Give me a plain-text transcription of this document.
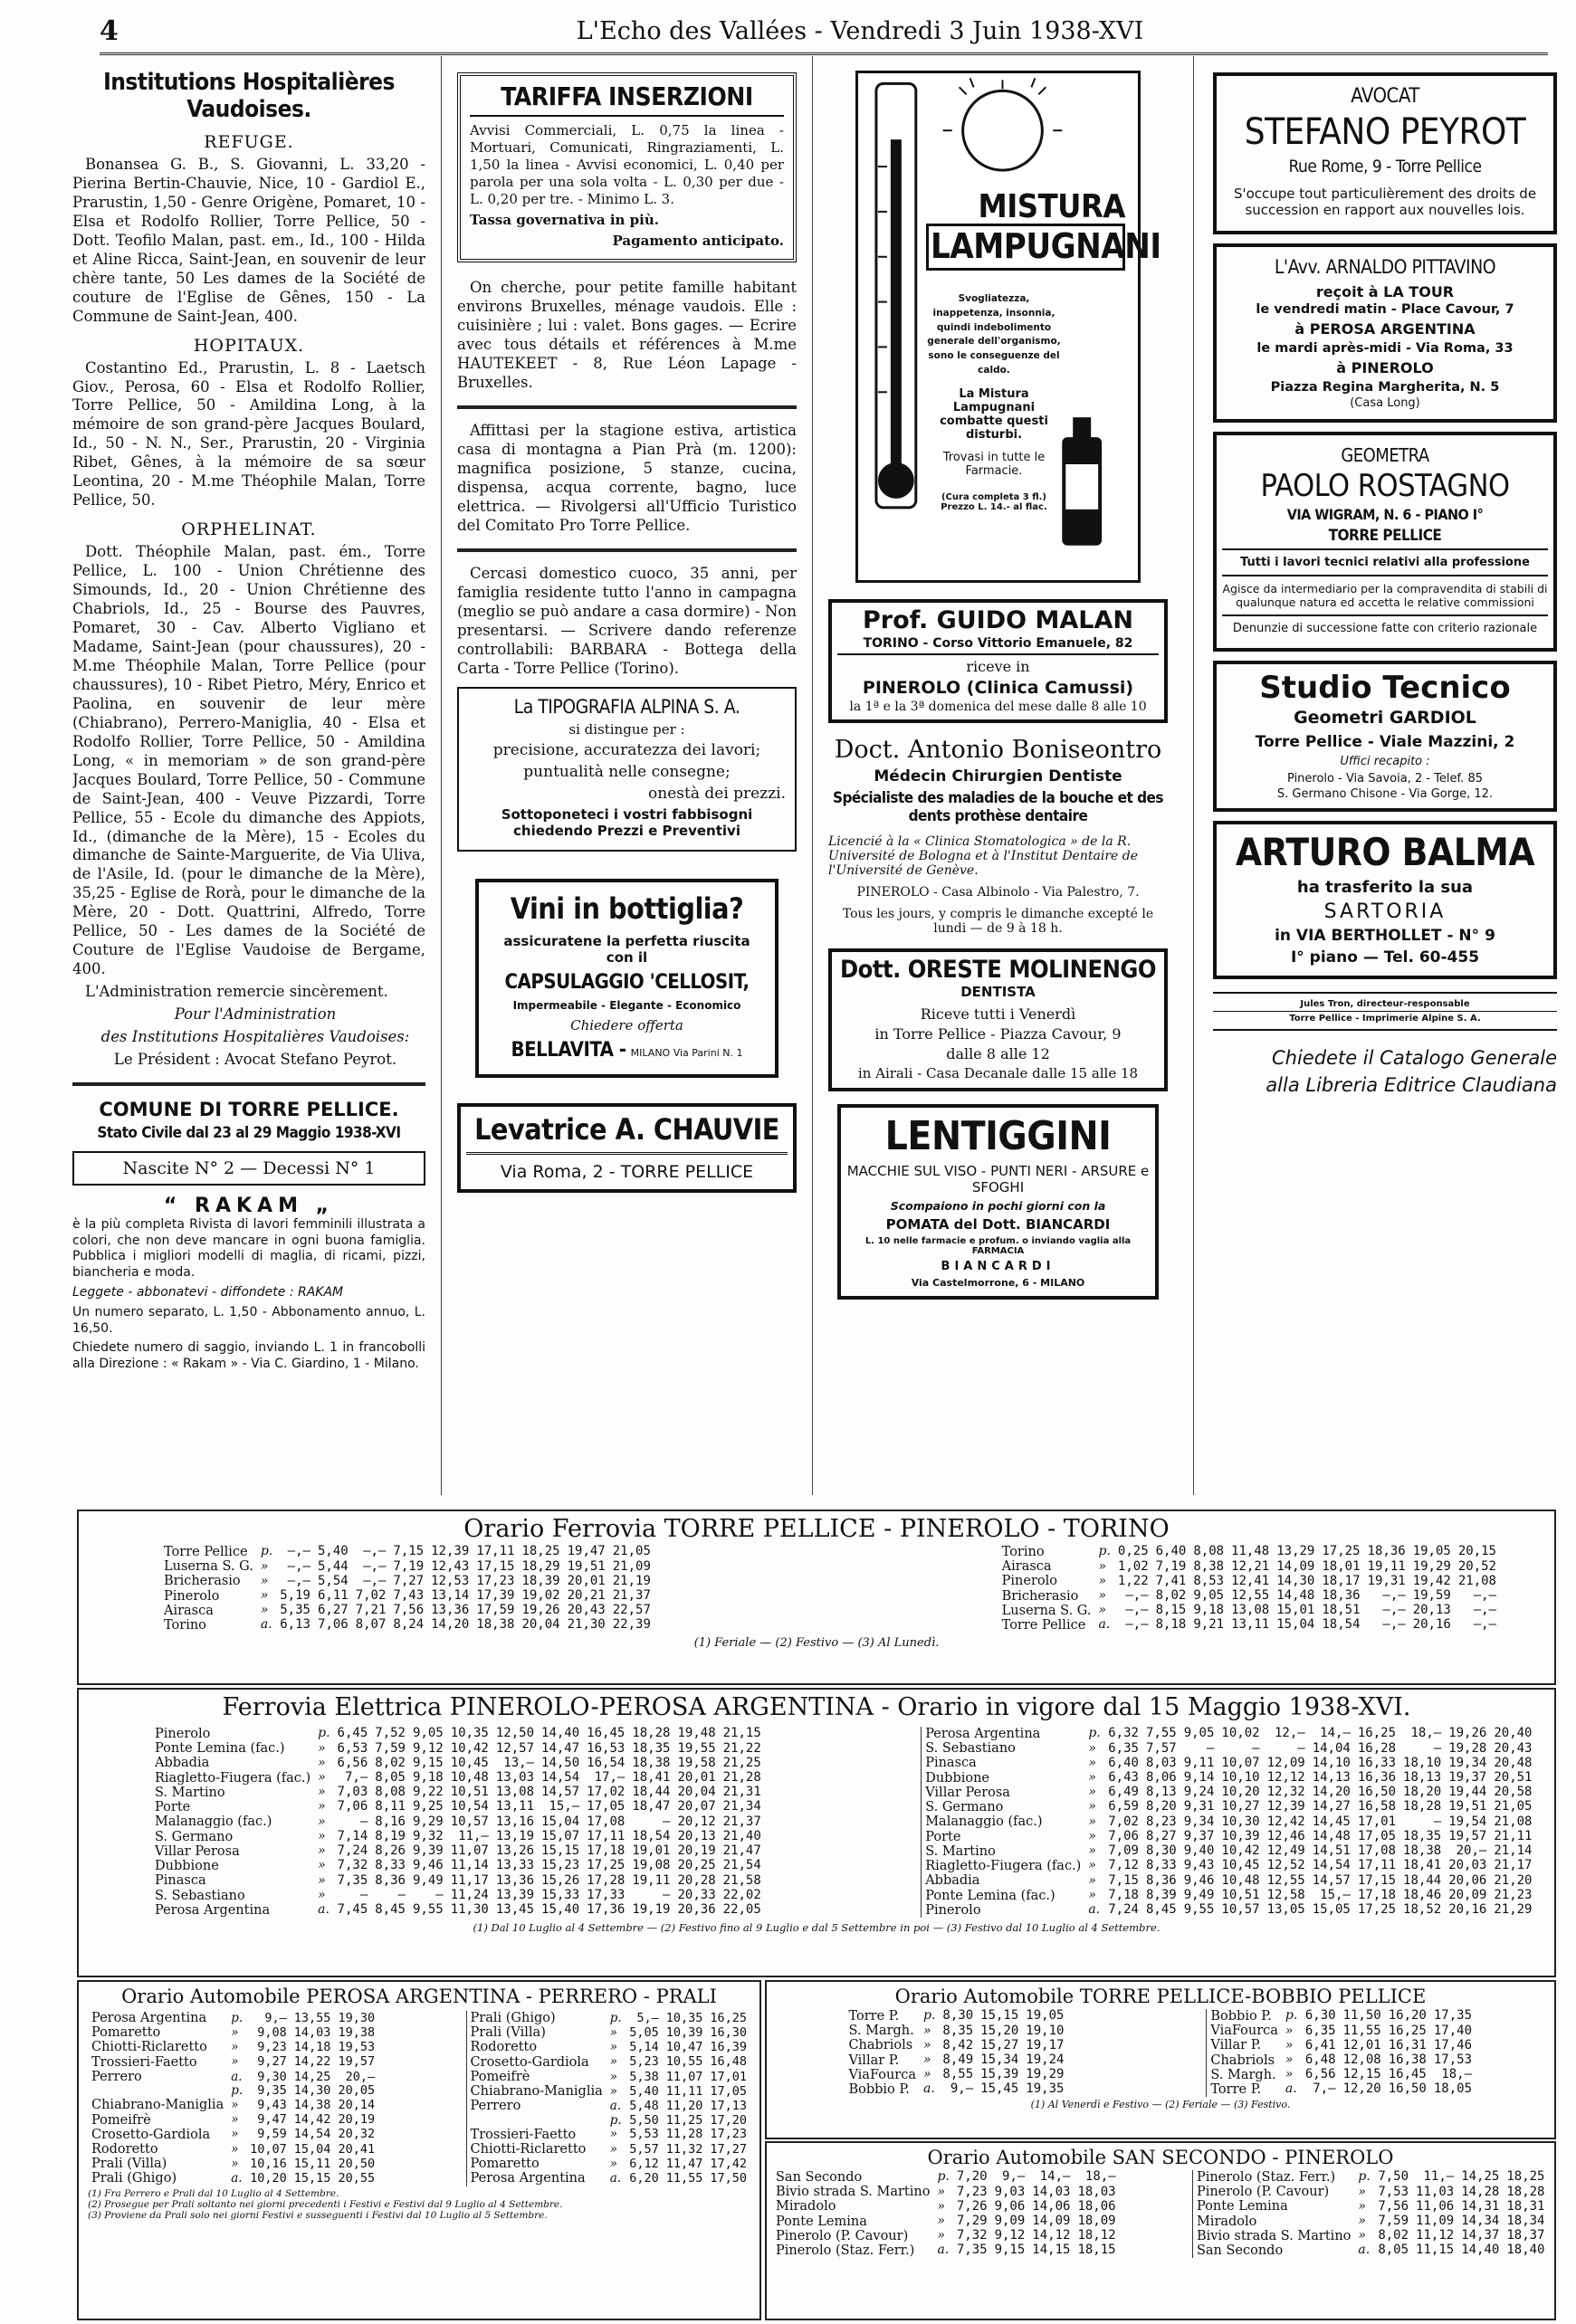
4	L'Echo des Vallées - Vendredi 3 Juin 1938-XVI

Institutions Hospitalières Vaudoises.

REFUGE.

Bonansea G. B., S. Giovanni, L. 33,20 - Pierina Bertin-Chauvie, Nice, 10 - Gardiol E., Prarustin, 1,50 - Genre Origène, Pomaret, 10 - Elsa et Rodolfo Rollier, Torre Pellice, 50 - Dott. Teofilo Malan, past. em., Id., 100 - Hilda et Aline Ricca, Saint-Jean, en souvenir de leur chère tante, 50 Les dames de la Société de couture de l'Eglise de Gênes, 150 - La Commune de Saint-Jean, 400.

HOPITAUX.

Costantino Ed., Prarustin, L. 8 - Laetsch Giov., Perosa, 60 - Elsa et Rodolfo Rollier, Torre Pellice, 50 - Amildina Long, à la mémoire de son grand-père Jacques Boulard, Id., 50 - N. N., Ser., Prarustin, 20 - Virginia Ribet, Gênes, à la mémoire de sa sœur Leontina, 20 - M.me Théophile Malan, Torre Pellice, 50.

ORPHELINAT.

Dott. Théophile Malan, past. ém., Torre Pellice, L. 100 - Union Chrétienne des Simounds, Id., 20 - Union Chrétienne des Chabriols, Id., 25 - Bourse des Pauvres, Pomaret, 30 - Cav. Alberto Vigliano et Madame, Saint-Jean (pour chaussures), 20 - M.me Théophile Malan, Torre Pellice (pour chaussures), 10 - Ribet Pietro, Méry, Enrico et Paolina, en souvenir de leur mère (Chiabrano), Perrero-Maniglia, 40 - Elsa et Rodolfo Rollier, Torre Pellice, 50 - Amildina Long, « in memoriam » de son grand-père Jacques Boulard, Torre Pellice, 50 - Commune de Saint-Jean, 400 - Veuve Pizzardi, Torre Pellice, 55 - Ecole du dimanche des Appiots, Id., (dimanche de la Mère), 15 - Ecoles du dimanche de Sainte-Marguerite, de Via Uliva, de l'Asile, Id. (pour le dimanche de la Mère), 35,25 - Eglise de Rorà, pour le dimanche de la Mère, 20 - Dott. Quattrini, Alfredo, Torre Pellice, 50 - Les dames de la Société de Couture de l'Eglise Vaudoise de Bergame, 400.

L'Administration remercie sincèrement.

Pour l'Administration

des Institutions Hospitalières Vaudoises:

Le Président : Avocat Stefano Peyrot.

COMUNE DI TORRE PELLICE.

Stato Civile dal 23 al 29 Maggio 1938-XVI

Nascite N° 2 — Decessi N° 1

“ RAKAM „

è la più completa Rivista di lavori femminili illustrata a colori, che non deve mancare in ogni buona famiglia. Pubblica i migliori modelli di maglia, di ricami, pizzi, biancheria e moda.

Leggete - abbonatevi - diffondete : RAKAM

Un numero separato, L. 1,50 - Abbonamento annuo, L. 16,50.

Chiedete numero di saggio, inviando L. 1 in francobolli alla Direzione : « Rakam » - Via C. Giardino, 1 - Milano.

TARIFFA INSERZIONI

Avvisi Commerciali, L. 0,75 la linea - Mortuari, Comunicati, Ringraziamenti, L. 1,50 la linea - Avvisi economici, L. 0,40 per parola per una sola volta - L. 0,30 per due - L. 0,20 per tre. - Minimo L. 3.

Tassa governativa in più.

Pagamento anticipato.

On cherche, pour petite famille habitant environs Bruxelles, ménage vaudois. Elle : cuisinière ; lui : valet. Bons gages. — Ecrire avec tous détails et références à M.me HAUTEKEET - 8, Rue Léon Lapage - Bruxelles.

Affittasi per la stagione estiva, artistica casa di montagna a Pian Prà (m. 1200): magnifica posizione, 5 stanze, cucina, dispensa, acqua corrente, bagno, luce elettrica. — Rivolgersi all'Ufficio Turistico del Comitato Pro Torre Pellice.

Cercasi domestico cuoco, 35 anni, per famiglia residente tutto l'anno in campagna (meglio se può andare a casa dormire) - Non presentarsi. — Scrivere dando referenze controllabili: BARBARA - Bottega della Carta - Torre Pellice (Torino).

La TIPOGRAFIA ALPINA S. A.

si distingue per :

precisione, accuratezza dei lavori;

puntualità nelle consegne;

onestà dei prezzi.

Sottoponeteci i vostri fabbisogni chiedendo Prezzi e Preventivi

Vini in bottiglia?

assicuratene la perfetta riuscita con il

CAPSULAGGIO 'CELLOSIT,

Impermeabile - Elegante - Economico

Chiedere offerta

BELLAVITA - MILANO Via Parini N. 1

Levatrice A. CHAUVIE

Via Roma, 2 - TORRE PELLICE

MISTURA

LAMPUGNANI

Svogliatezza, inappetenza, insonnia, quindi indebolimento generale dell'organismo, sono le conseguenze del caldo.

La Mistura Lampugnani combatte questi disturbi.

Trovasi in tutte le Farmacie.

(Cura completa 3 fl.) Prezzo L. 14.- al flac.

Prof. GUIDO MALAN

TORINO - Corso Vittorio Emanuele, 82

riceve in

PINEROLO (Clinica Camussi)

la 1ª e la 3ª domenica del mese dalle 8 alle 10

Doct. Antonio Boniseontro

Médecin Chirurgien Dentiste

Spécialiste des maladies de la bouche et des dents prothèse dentaire

Licencié à la « Clinica Stomatologica » de la R. Université de Bologna et à l'Institut Dentaire de l'Université de Genève.

PINEROLO - Casa Albinolo - Via Palestro, 7.

Tous les jours, y compris le dimanche excepté le lundi — de 9 à 18 h.

Dott. ORESTE MOLINENGO

DENTISTA

Riceve tutti i Venerdì

in Torre Pellice - Piazza Cavour, 9

dalle 8 alle 12

in Airali - Casa Decanale dalle 15 alle 18

LENTIGGINI

MACCHIE SUL VISO - PUNTI NERI - ARSURE e SFOGHI

Scompaiono in pochi giorni con la

POMATA del Dott. BIANCARDI

L. 10 nelle farmacie e profum. o inviando vaglia alla FARMACIA

BIANCARDI

Via Castelmorrone, 6 - MILANO

AVOCAT

STEFANO PEYROT

Rue Rome, 9 - Torre Pellice

S'occupe tout particulièrement des droits de succession en rapport aux nouvelles lois.

L'Avv. ARNALDO PITTAVINO

reçoit à LA TOUR

le vendredi matin - Place Cavour, 7

à PEROSA ARGENTINA

le mardi après-midi - Via Roma, 33

à PINEROLO

Piazza Regina Margherita, N. 5

(Casa Long)

GEOMETRA

PAOLO ROSTAGNO

VIA WIGRAM, N. 6 - PIANO I°

TORRE PELLICE

Tutti i lavori tecnici relativi alla professione

Agisce da intermediario per la compravendita di stabili di qualunque natura ed accetta le relative commissioni

Denunzie di successione fatte con criterio razionale

Studio Tecnico

Geometri GARDIOL

Torre Pellice - Viale Mazzini, 2

Uffici recapito :

Pinerolo - Via Savoia, 2 - Telef. 85

S. Germano Chisone - Via Gorge, 12.

ARTURO BALMA

ha trasferito la sua

SARTORIA

in VIA BERTHOLLET - N° 9

I° piano — Tel. 60-455

Jules Tron, directeur-responsable

Torre Pellice - Imprimerie Alpine S. A.

Chiedete il Catalogo Generale

alla Libreria Editrice Claudiana

Orario Ferrovia TORRE PELLICE - PINEROLO - TORINO
Torre Pellice	p.	—,—	5,40	—,—	7,15	12,39	17,11	18,25	19,47	21,05
Luserna S. G.	»	—,—	5,44	—,—	7,19	12,43	17,15	18,29	19,51	21,09
Bricherasio	»	—,—	5,54	—,—	7,27	12,53	17,23	18,39	20,01	21,19
Pinerolo	»	5,19	6,11	7,02	7,43	13,14	17,39	19,02	20,21	21,37
Airasca	»	5,35	6,27	7,21	7,56	13,36	17,59	19,26	20,43	22,57
Torino	a.	6,13	7,06	8,07	8,24	14,20	18,38	20,04	21,30	22,39
Torino	p.	0,25	6,40	8,08	11,48	13,29	17,25	18,36	19,05	20,15
Airasca	»	1,02	7,19	8,38	12,21	14,09	18,01	19,11	19,29	20,52
Pinerolo	»	1,22	7,41	8,53	12,41	14,30	18,17	19,31	19,42	21,08
Bricherasio	»	—,—	8,02	9,05	12,55	14,48	18,36	—,—	19,59	—,—
Luserna S. G.	»	—,—	8,15	9,18	13,08	15,01	18,51	—,—	20,13	—,—
Torre Pellice	a.	—,—	8,18	9,21	13,11	15,04	18,54	—,—	20,16	—,—

(1) Feriale — (2) Festivo — (3) Al Lunedì.

Ferrovia Elettrica PINEROLO-PEROSA ARGENTINA - Orario in vigore dal 15 Maggio 1938-XVI.
Pinerolo	p.	6,45	7,52	9,05	10,35	12,50	14,40	16,45	18,28	19,48	21,15
Ponte Lemina (fac.)	»	6,53	7,59	9,12	10,42	12,57	14,47	16,53	18,35	19,55	21,22
Abbadia	»	6,56	8,02	9,15	10,45	13,—	14,50	16,54	18,38	19,58	21,25
Riagletto-Fiugera (fac.)	»	7,—	8,05	9,18	10,48	13,03	14,54	17,—	18,41	20,01	21,28
S. Martino	»	7,03	8,08	9,22	10,51	13,08	14,57	17,02	18,44	20,04	21,31
Porte	»	7,06	8,11	9,25	10,54	13,11	15,—	17,05	18,47	20,07	21,34
Malanaggio (fac.)	»	—	8,16	9,29	10,57	13,16	15,04	17,08	—	20,12	21,37
S. Germano	»	7,14	8,19	9,32	11,—	13,19	15,07	17,11	18,54	20,13	21,40
Villar Perosa	»	7,24	8,26	9,39	11,07	13,26	15,15	17,18	19,01	20,19	21,47
Dubbione	»	7,32	8,33	9,46	11,14	13,33	15,23	17,25	19,08	20,25	21,54
Pinasca	»	7,35	8,36	9,49	11,17	13,36	15,26	17,28	19,11	20,28	21,58
S. Sebastiano	»	—	—	—	11,24	13,39	15,33	17,33	—	20,33	22,02
Perosa Argentina	a.	7,45	8,45	9,55	11,30	13,45	15,40	17,36	19,19	20,36	22,05
Perosa Argentina	p.	6,32	7,55	9,05	10,02	12,—	14,—	16,25	18,—	19,26	20,40
S. Sebastiano	»	6,35	7,57	—	—	—	14,04	16,28	—	19,28	20,43
Pinasca	»	6,40	8,03	9,11	10,07	12,09	14,10	16,33	18,10	19,34	20,48
Dubbione	»	6,43	8,06	9,14	10,10	12,12	14,13	16,36	18,13	19,37	20,51
Villar Perosa	»	6,49	8,13	9,24	10,20	12,32	14,20	16,50	18,20	19,44	20,58
S. Germano	»	6,59	8,20	9,31	10,27	12,39	14,27	16,58	18,28	19,51	21,05
Malanaggio (fac.)	»	7,02	8,23	9,34	10,30	12,42	14,45	17,01	—	19,54	21,08
Porte	»	7,06	8,27	9,37	10,39	12,46	14,48	17,05	18,35	19,57	21,11
S. Martino	»	7,09	8,30	9,40	10,42	12,49	14,51	17,08	18,38	20,—	21,14
Riagletto-Fiugera (fac.)	»	7,12	8,33	9,43	10,45	12,52	14,54	17,11	18,41	20,03	21,17
Abbadia	»	7,15	8,36	9,46	10,48	12,55	14,57	17,15	18,44	20,06	21,20
Ponte Lemina (fac.)	»	7,18	8,39	9,49	10,51	12,58	15,—	17,18	18,46	20,09	21,23
Pinerolo	a.	7,24	8,45	9,55	10,57	13,05	15,05	17,25	18,52	20,16	21,29

(1) Dal 10 Luglio al 4 Settembre — (2) Festivo fino al 9 Luglio e dal 5 Settembre in poi — (3) Festivo dal 10 Luglio al 4 Settembre.

Orario Automobile PEROSA ARGENTINA - PERRERO - PRALI
Perosa Argentina	p.	9,—	13,55	19,30
Pomaretto	»	9,08	14,03	19,38
Chiotti-Riclaretto	»	9,23	14,18	19,53
Trossieri-Faetto	»	9,27	14,22	19,57
Perrero	a.	9,30	14,25	20,—
	p.	9,35	14,30	20,05
Chiabrano-Maniglia	»	9,43	14,38	20,14
Pomeifrè	»	9,47	14,42	20,19
Crosetto-Gardiola	»	9,59	14,54	20,32
Rodoretto	»	10,07	15,04	20,41
Prali (Villa)	»	10,16	15,11	20,50
Prali (Ghigo)	a.	10,20	15,15	20,55
Prali (Ghigo)	p.	5,—	10,35	16,25
Prali (Villa)	»	5,05	10,39	16,30
Rodoretto	»	5,14	10,47	16,39
Crosetto-Gardiola	»	5,23	10,55	16,48
Pomeifrè	»	5,38	11,07	17,01
Chiabrano-Maniglia	»	5,40	11,11	17,05
Perrero	a.	5,48	11,20	17,13
	p.	5,50	11,25	17,20
Trossieri-Faetto	»	5,53	11,28	17,23
Chiotti-Riclaretto	»	5,57	11,32	17,27
Pomaretto	»	6,12	11,47	17,42
Perosa Argentina	a.	6,20	11,55	17,50

(1) Fra Perrero e Prali dal 10 Luglio al 4 Settembre.

(2) Prosegue per Prali soltanto nei giorni precedenti i Festivi e Festivi dal 9 Luglio al 4 Settembre.

(3) Proviene da Prali solo nei giorni Festivi e susseguenti i Festivi dal 10 Luglio al 5 Settembre.

Orario Automobile TORRE PELLICE-BOBBIO PELLICE
Torre P.	p.	8,30	15,15	19,05
S. Margh.	»	8,35	15,20	19,10
Chabriols	»	8,42	15,27	19,17
Villar P.	»	8,49	15,34	19,24
ViaFourca	»	8,55	15,39	19,29
Bobbio P.	a.	9,—	15,45	19,35
Bobbio P.	p.	6,30	11,50	16,20	17,35
ViaFourca	»	6,35	11,55	16,25	17,40
Villar P.	»	6,41	12,01	16,31	17,46
Chabriols	»	6,48	12,08	16,38	17,53
S. Margh.	»	6,56	12,15	16,45	18,—
Torre P.	a.	7,—	12,20	16,50	18,05

(1) Al Venerdì e Festivo — (2) Feriale — (3) Festivo.

Orario Automobile SAN SECONDO - PINEROLO
San Secondo	p.	7,20	9,—	14,—	18,—
Bivio strada S. Martino	»	7,23	9,03	14,03	18,03
Miradolo	»	7,26	9,06	14,06	18,06
Ponte Lemina	»	7,29	9,09	14,09	18,09
Pinerolo (P. Cavour)	»	7,32	9,12	14,12	18,12
Pinerolo (Staz. Ferr.)	a.	7,35	9,15	14,15	18,15
Pinerolo (Staz. Ferr.)	p.	7,50	11,—	14,25	18,25
Pinerolo (P. Cavour)	»	7,53	11,03	14,28	18,28
Ponte Lemina	»	7,56	11,06	14,31	18,31
Miradolo	»	7,59	11,09	14,34	18,34
Bivio strada S. Martino	»	8,02	11,12	14,37	18,37
San Secondo	a.	8,05	11,15	14,40	18,40
